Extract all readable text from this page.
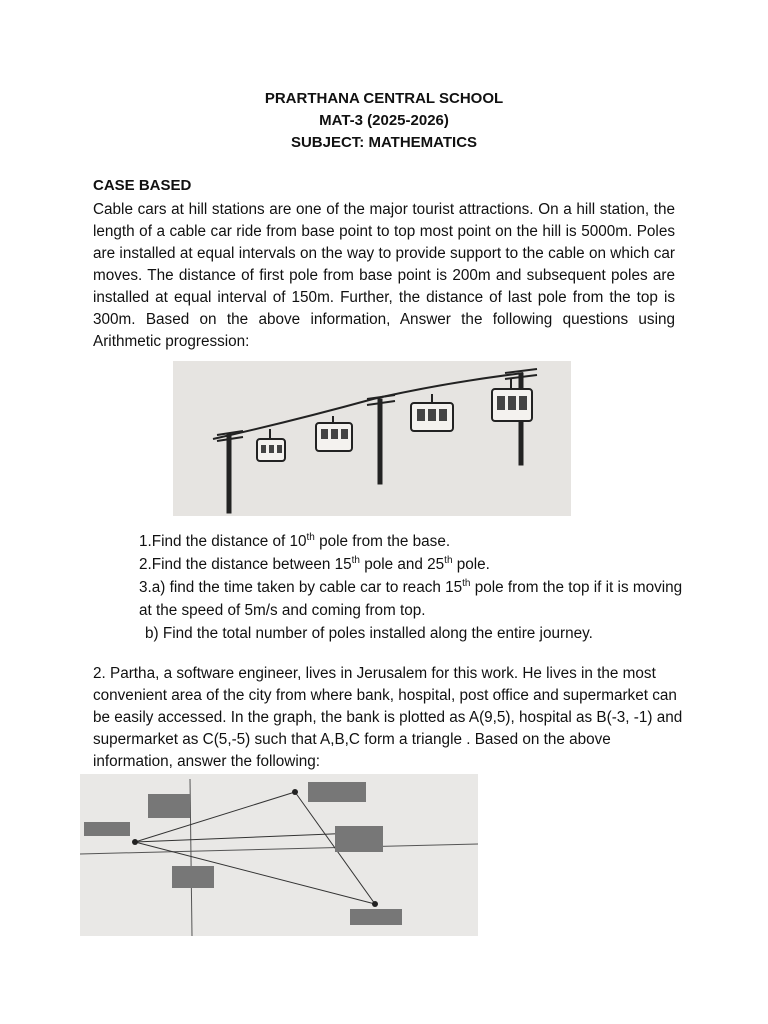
PRARTHANA CENTRAL SCHOOL
MAT-3 (2025-2026)
SUBJECT: MATHEMATICS
CASE BASED
Cable cars at hill stations are one of the major tourist attractions. On a hill station, the length of a cable car ride from base point to top most point on the hill is 5000m. Poles are installed at equal intervals on the way to provide support to the cable on which car moves. The distance of first pole from base point is 200m and subsequent poles are installed at equal interval of 150m. Further, the distance of last pole from the top is 300m. Based on the above information, Answer the following questions using Arithmetic progression:
1.Find the distance of 10th pole from the base.
2.Find the distance between 15th pole and 25th pole.
3.a) find the time taken by cable car to reach 15th pole from the top if it is moving at the speed of 5m/s and coming from top.
b) Find the total number of poles installed along the entire journey.
2. Partha, a software engineer, lives in Jerusalem for this work. He lives in the most convenient area of the city from where bank, hospital, post office and supermarket can be easily accessed. In the graph, the bank is plotted as A(9,5), hospital as B(-3, -1) and supermarket as C(5,-5) such that A,B,C form a triangle . Based on the above information, answer the following:
